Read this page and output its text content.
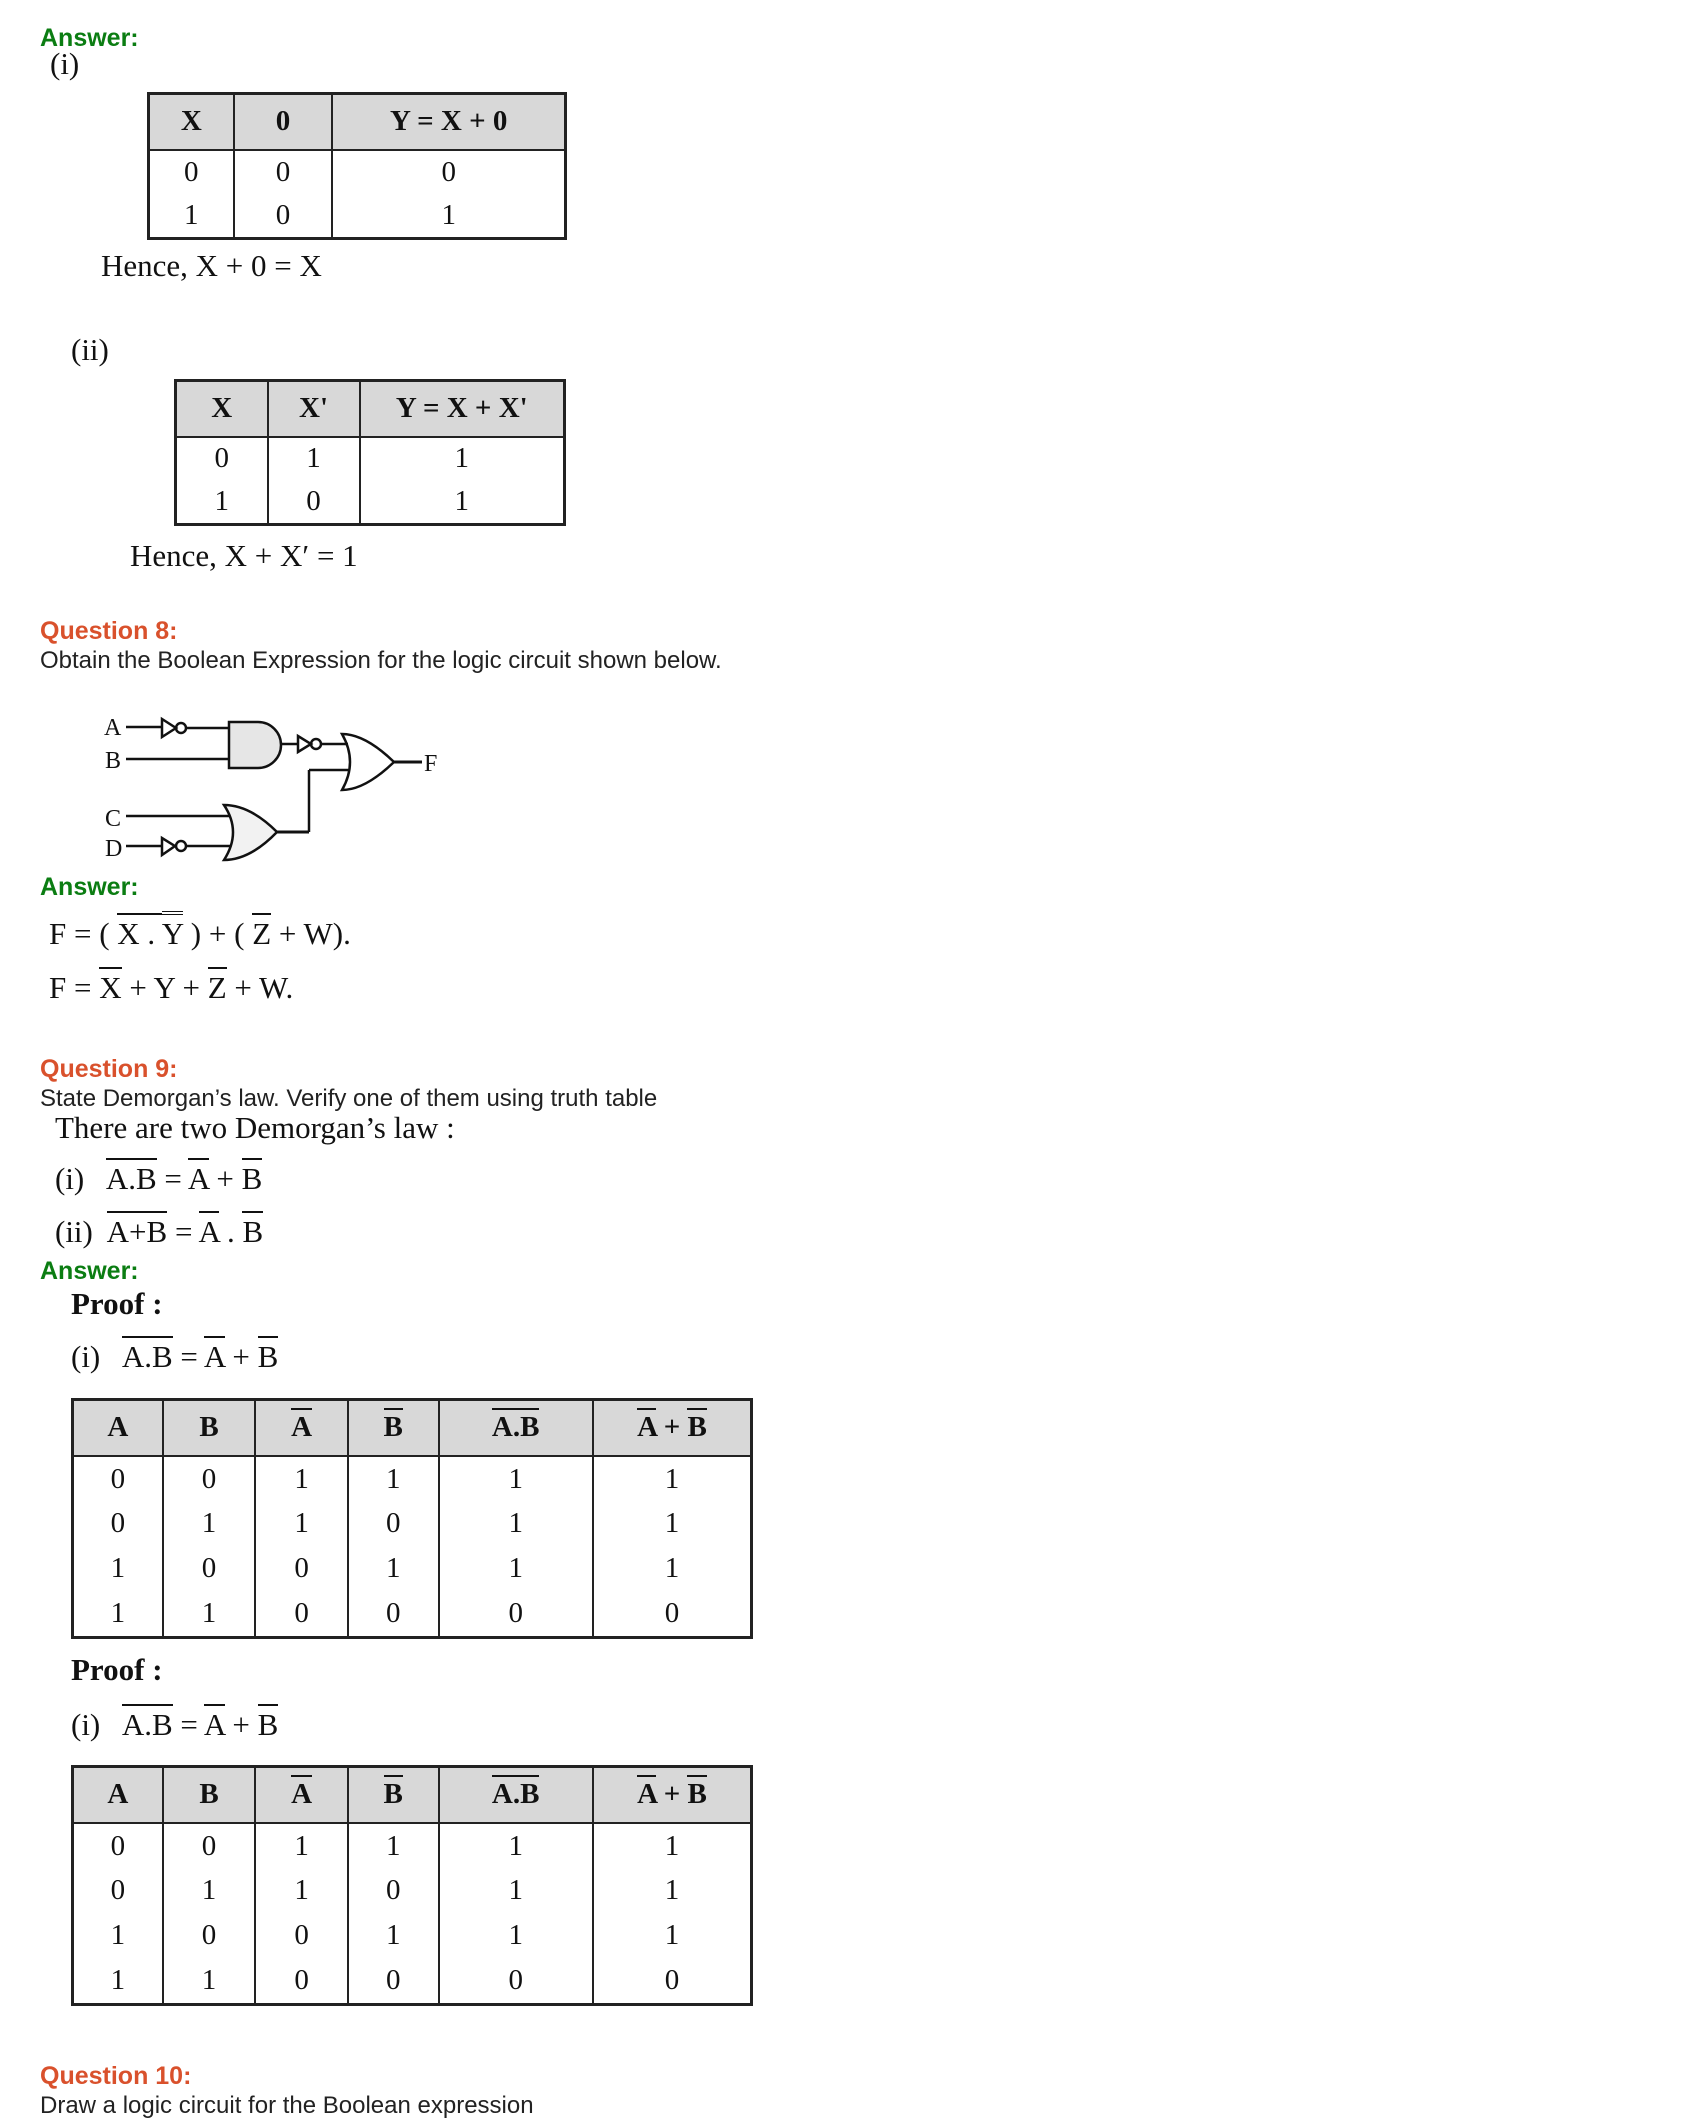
Answer:
(i)
X	0	Y = X + 0
0	0	0
1	0	1
Hence, X + 0 = X
(ii)
X	X'	Y = X + X'
0	1	1
1	0	1
Hence, X + X′ = 1
Question 8:
Obtain the Boolean Expression for the logic circuit shown below.
A
B
C
D
F
Answer:
F = ( X . Y ) + ( Z + W).
F = X + Y + Z + W.
Question 9:
State Demorgan’s law. Verify one of them using truth table
There are two Demorgan’s law :
(i)   A.B = A + B
(ii)  A+B = A . B
Answer:
Proof :
(i)   A.B = A + B
A	B	A	B	A.B	A + B
0	0	1	1	1	1
0	1	1	0	1	1
1	0	0	1	1	1
1	1	0	0	0	0
Proof :
(i)   A.B = A + B
A	B	A	B	A.B	A + B
0	0	1	1	1	1
0	1	1	0	1	1
1	0	0	1	1	1
1	1	0	0	0	0
Question 10:
Draw a logic circuit for the Boolean expression
